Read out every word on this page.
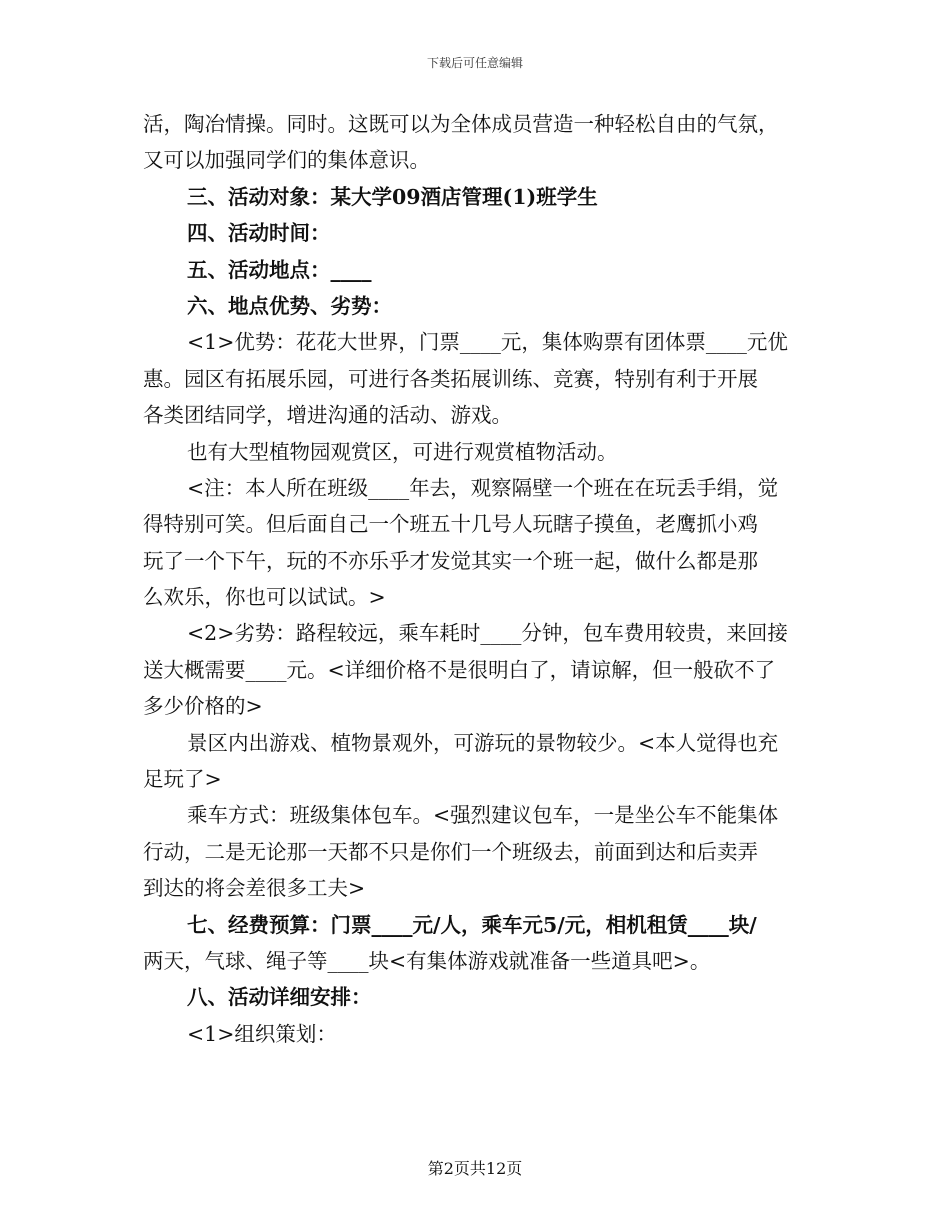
下载后可任意编辑
活，陶冶情操。同时。这既可以为全体成员营造一种轻松自由的气氛，
又可以加强同学们的集体意识。
三、活动对象：某大学09酒店管理(1)班学生
四、活动时间：
五、活动地点：____
六、地点优势、劣势：
<1>优势：花花大世界，门票____元，集体购票有团体票____元优
惠。园区有拓展乐园，可进行各类拓展训练、竞赛，特别有利于开展
各类团结同学，增进沟通的活动、游戏。
也有大型植物园观赏区，可进行观赏植物活动。
<注：本人所在班级____年去，观察隔壁一个班在在玩丢手绢，觉
得特别可笑。但后面自己一个班五十几号人玩瞎子摸鱼，老鹰抓小鸡
玩了一个下午，玩的不亦乐乎才发觉其实一个班一起，做什么都是那
么欢乐，你也可以试试。>
<2>劣势：路程较远，乘车耗时____分钟，包车费用较贵，来回接
送大概需要____元。<详细价格不是很明白了，请谅解，但一般砍不了
多少价格的>
景区内出游戏、植物景观外，可游玩的景物较少。<本人觉得也充
足玩了>
乘车方式：班级集体包车。<强烈建议包车，一是坐公车不能集体
行动，二是无论那一天都不只是你们一个班级去，前面到达和后卖弄
到达的将会差很多工夫>
七、经费预算：门票____元/人，乘车元5/元，相机租赁____块/
两天，气球、绳子等____块<有集体游戏就准备一些道具吧>。
八、活动详细安排：
<1>组织策划：
第2页共12页
